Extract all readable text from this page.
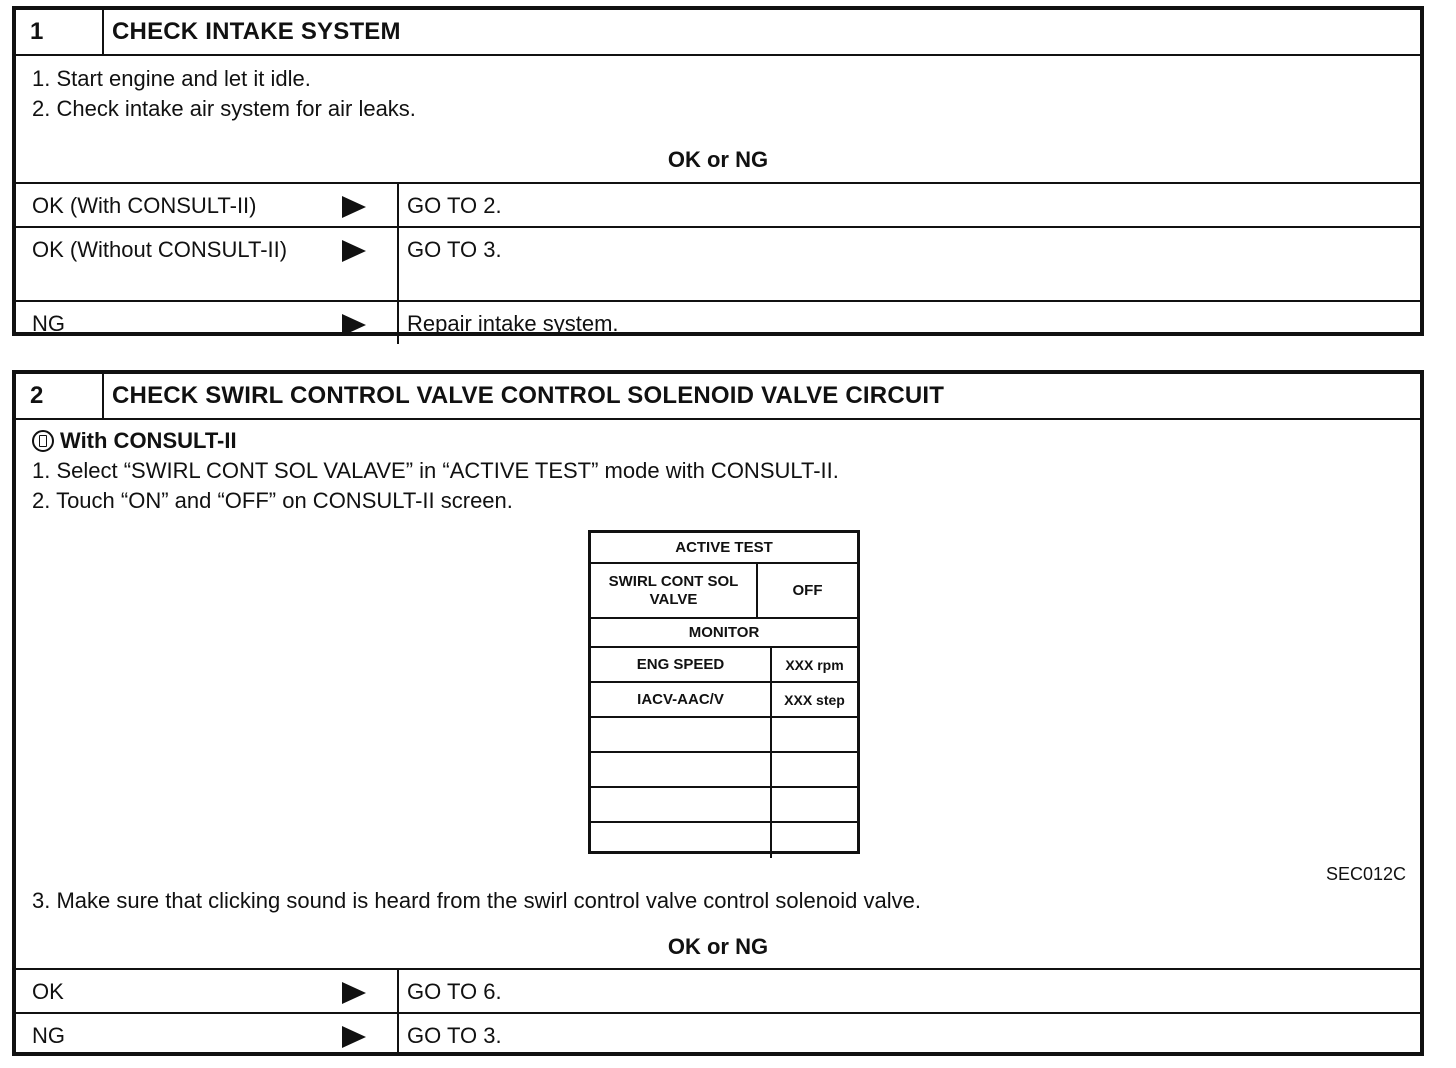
1	CHECK INTAKE SYSTEM
1. Start engine and let it idle.
2. Check intake air system for air leaks.
OK or NG
OK (With CONSULT-II)	GO TO 2.
OK (Without CONSULT-II)	GO TO 3.
NG	Repair intake system.
2	CHECK SWIRL CONTROL VALVE CONTROL SOLENOID VALVE CIRCUIT
With CONSULT-II
1. Select “SWIRL CONT SOL VALAVE” in “ACTIVE TEST” mode with CONSULT-II.
2. Touch “ON” and “OFF” on CONSULT-II screen.
ACTIVE TEST
SWIRL CONT SOL VALVE	OFF
MONITOR
ENG SPEED	XXX rpm
IACV-AAC/V	XXX step
SEC012C
3. Make sure that clicking sound is heard from the swirl control valve control solenoid valve.
OK or NG
OK	GO TO 6.
NG	GO TO 3.
